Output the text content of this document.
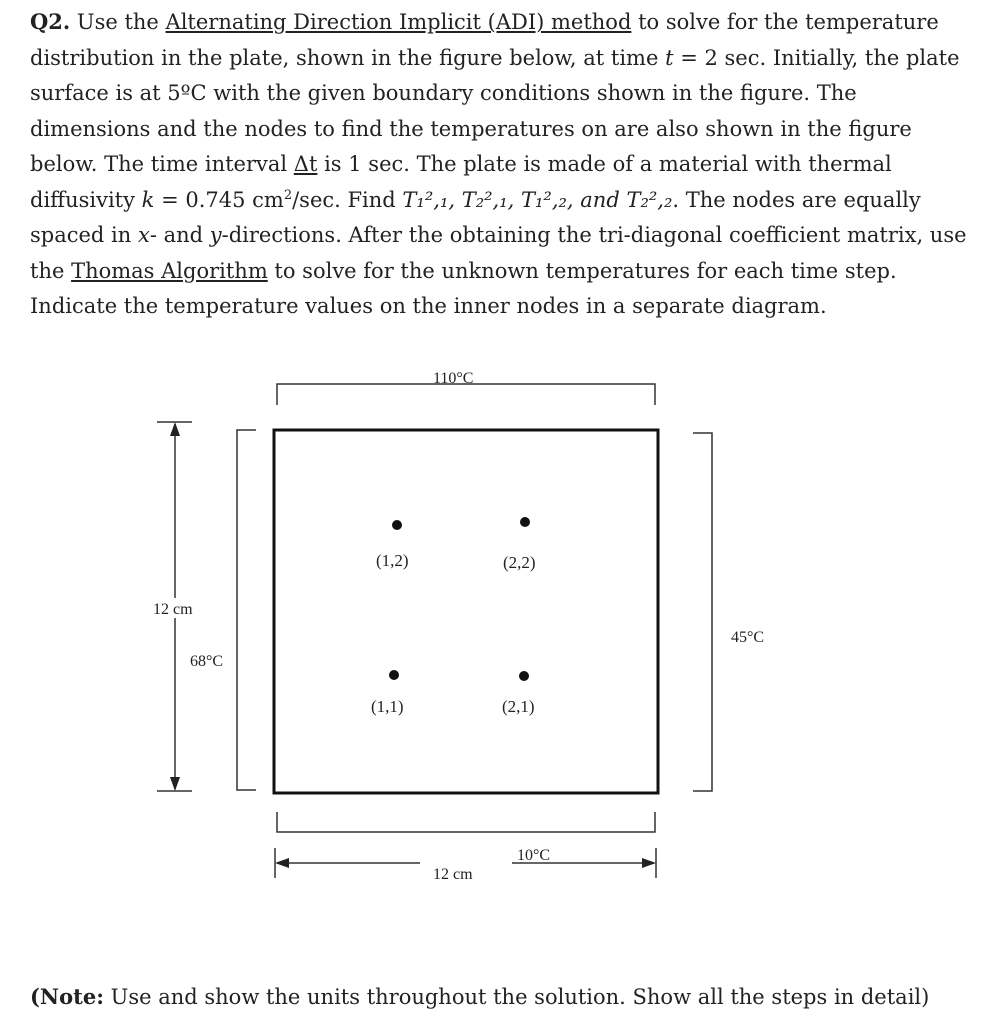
Q2. Use the Alternating Direction Implicit (ADI) method to solve for the temperature distribution in the plate, shown in the figure below, at time t = 2 sec. Initially, the plate surface is at 5ºC with the given boundary conditions shown in the figure. The dimensions and the nodes to find the temperatures on are also shown in the figure below. The time interval Δt is 1 sec. The plate is made of a material with thermal diffusivity k = 0.745 $cm^2/\sec$. Find T₁²,₁, T₂²,₁, T₁²,₂, and T₂²,₂. The nodes are equally spaced in x- and y-directions. After the obtaining the tri-diagonal coefficient matrix, use the Thomas Algorithm to solve for the unknown temperatures for each time step. Indicate the temperature values on the inner nodes in a separate diagram.

110°C
68°C
45°C
10°C
12 cm
12 cm
(1,2)	(2,2)
(1,1)	(2,1)

(Note: Use and show the units throughout the solution. Show all the steps in detail)
